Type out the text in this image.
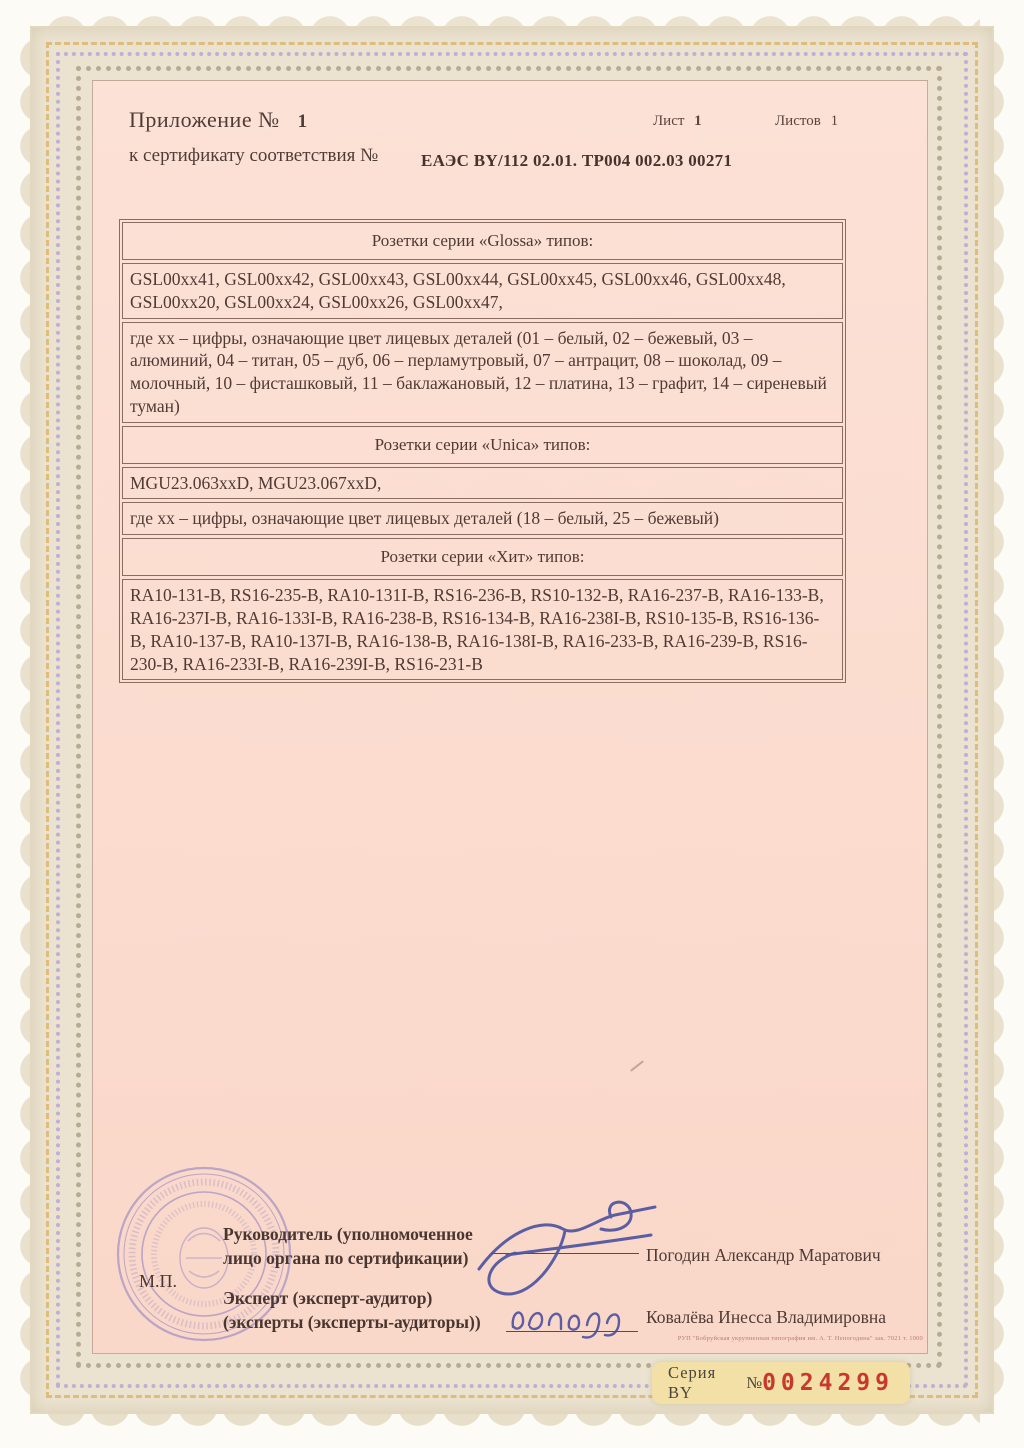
Приложение № 1	Лист 1	Листов 1
к сертификату соответствия №	ЕАЭС BY/112 02.01. ТР004 002.03 00271
Розетки серии «Glossa» типов:
GSL00xx41, GSL00xx42, GSL00xx43, GSL00xx44, GSL00xx45, GSL00xx46, GSL00xx48, GSL00xx20, GSL00xx24, GSL00xx26, GSL00xx47,
где хх – цифры, означающие цвет лицевых деталей (01 – белый, 02 – бежевый, 03 – алюминий, 04 – титан, 05 – дуб, 06 – перламутровый, 07 – антрацит, 08 – шоколад, 09 – молочный, 10 – фисташковый, 11 – баклажановый, 12 – платина, 13 – графит, 14 – сиреневый туман)
Розетки серии «Unica» типов:
MGU23.063xxD, MGU23.067xxD,
где хх – цифры, означающие цвет лицевых деталей (18 – белый, 25 – бежевый)
Розетки серии «Хит» типов:
RA10-131-B, RS16-235-B, RA10-131I-B, RS16-236-B, RS10-132-B, RA16-237-B, RA16-133-B, RA16-237I-B, RA16-133I-B, RA16-238-B, RS16-134-B, RA16-238I-B, RS10-135-B, RS16-136-B, RA10-137-B, RA10-137I-B, RA16-138-B, RA16-138I-B, RA16-233-B, RA16-239-B, RS16-230-B, RA16-233I-B, RA16-239I-B, RS16-231-B
М.П.
Руководитель (уполномоченное
лицо органа по сертификации)	Погодин Александр Маратович
Эксперт (эксперт-аудитор)
(эксперты (эксперты-аудиторы))	Ковалёва Инесса Владимировна
РУП "Бобруйская укрупненная типография им. А. Т. Непогодина" зак. 7021 т. 1000
Серия BY
№ 0024299
